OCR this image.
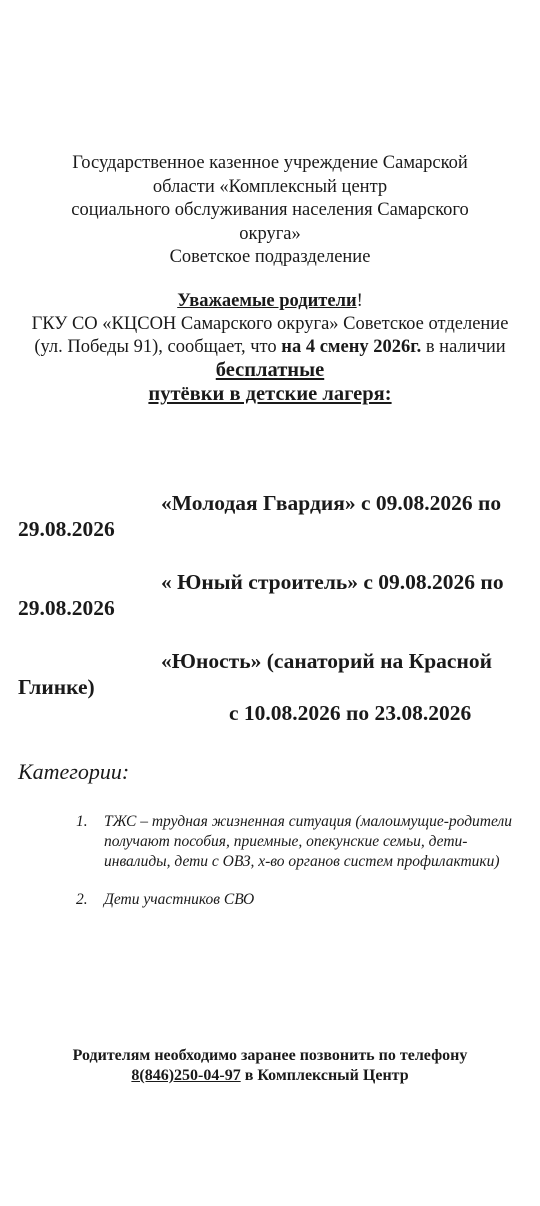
Государственное казенное учреждение Самарской
области «Комплексный центр
социального обслуживания населения Самарского
округа»
Советское подразделение
Уважаемые родители!
ГКУ СО «КЦСОН Самарского округа» Советское отделение (ул. Победы 91), сообщает, что на 4 смену 2026г. в наличии бесплатные
путёвки в детские лагеря:
«Молодая Гвардия» с 09.08.2026 по 29.08.2026
« Юный строитель» с 09.08.2026 по 29.08.2026
«Юность» (санаторий на Красной Глинке)
с 10.08.2026 по 23.08.2026
Категории:
1.	ТЖС – трудная жизненная ситуация (малоимущие-родители получают пособия, приемные, опекунские семьи, дети-инвалиды, дети с ОВЗ, х-во органов систем профилактики)
2.	Дети участников СВО
Родителям необходимо заранее позвонить по телефону
8(846)250-04-97 в Комплексный Центр
